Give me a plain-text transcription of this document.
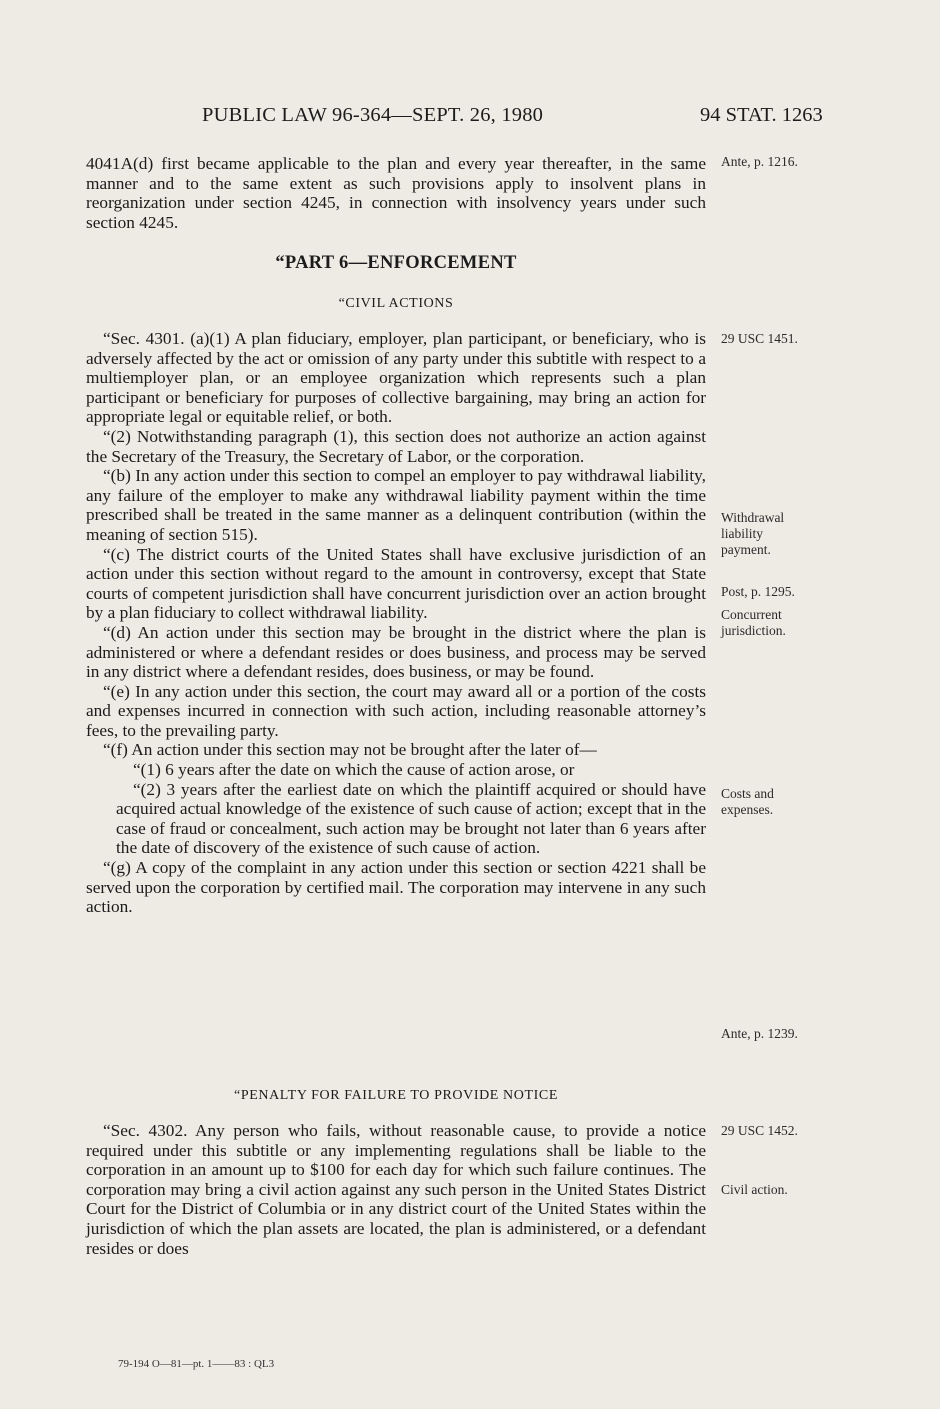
PUBLIC LAW 96-364—SEPT. 26, 1980	94 STAT. 1263

4041A(d) first became applicable to the plan and every year thereafter, in the same manner and to the same extent as such provisions apply to insolvent plans in reorganization under section 4245, in connection with insolvency years under such section 4245.

“PART 6—ENFORCEMENT
“CIVIL ACTIONS

“Sec. 4301. (a)(1) A plan fiduciary, employer, plan participant, or beneficiary, who is adversely affected by the act or omission of any party under this subtitle with respect to a multiemployer plan, or an employee organization which represents such a plan participant or beneficiary for purposes of collective bargaining, may bring an action for appropriate legal or equitable relief, or both.

“(2) Notwithstanding paragraph (1), this section does not authorize an action against the Secretary of the Treasury, the Secretary of Labor, or the corporation.

“(b) In any action under this section to compel an employer to pay withdrawal liability, any failure of the employer to make any withdrawal liability payment within the time prescribed shall be treated in the same manner as a delinquent contribution (within the meaning of section 515).

“(c) The district courts of the United States shall have exclusive jurisdiction of an action under this section without regard to the amount in controversy, except that State courts of competent jurisdiction shall have concurrent jurisdiction over an action brought by a plan fiduciary to collect withdrawal liability.

“(d) An action under this section may be brought in the district where the plan is administered or where a defendant resides or does business, and process may be served in any district where a defendant resides, does business, or may be found.

“(e) In any action under this section, the court may award all or a portion of the costs and expenses incurred in connection with such action, including reasonable attorney’s fees, to the prevailing party.

“(f) An action under this section may not be brought after the later of—

“(1) 6 years after the date on which the cause of action arose, or

“(2) 3 years after the earliest date on which the plaintiff acquired or should have acquired actual knowledge of the existence of such cause of action; except that in the case of fraud or concealment, such action may be brought not later than 6 years after the date of discovery of the existence of such cause of action.

“(g) A copy of the complaint in any action under this section or section 4221 shall be served upon the corporation by certified mail. The corporation may intervene in any such action.

“PENALTY FOR FAILURE TO PROVIDE NOTICE

“Sec. 4302. Any person who fails, without reasonable cause, to provide a notice required under this subtitle or any implementing regulations shall be liable to the corporation in an amount up to $100 for each day for which such failure continues. The corporation may bring a civil action against any such person in the United States District Court for the District of Columbia or in any district court of the United States within the jurisdiction of which the plan assets are located, the plan is administered, or a defendant resides or does

Ante, p. 1216.
29 USC 1451.
Withdrawal liability payment.
Post, p. 1295.
Concurrent jurisdiction.
Costs and expenses.
Ante, p. 1239.
29 USC 1452.
Civil action.
79-194 O—81—pt. 1——83 : QL3
